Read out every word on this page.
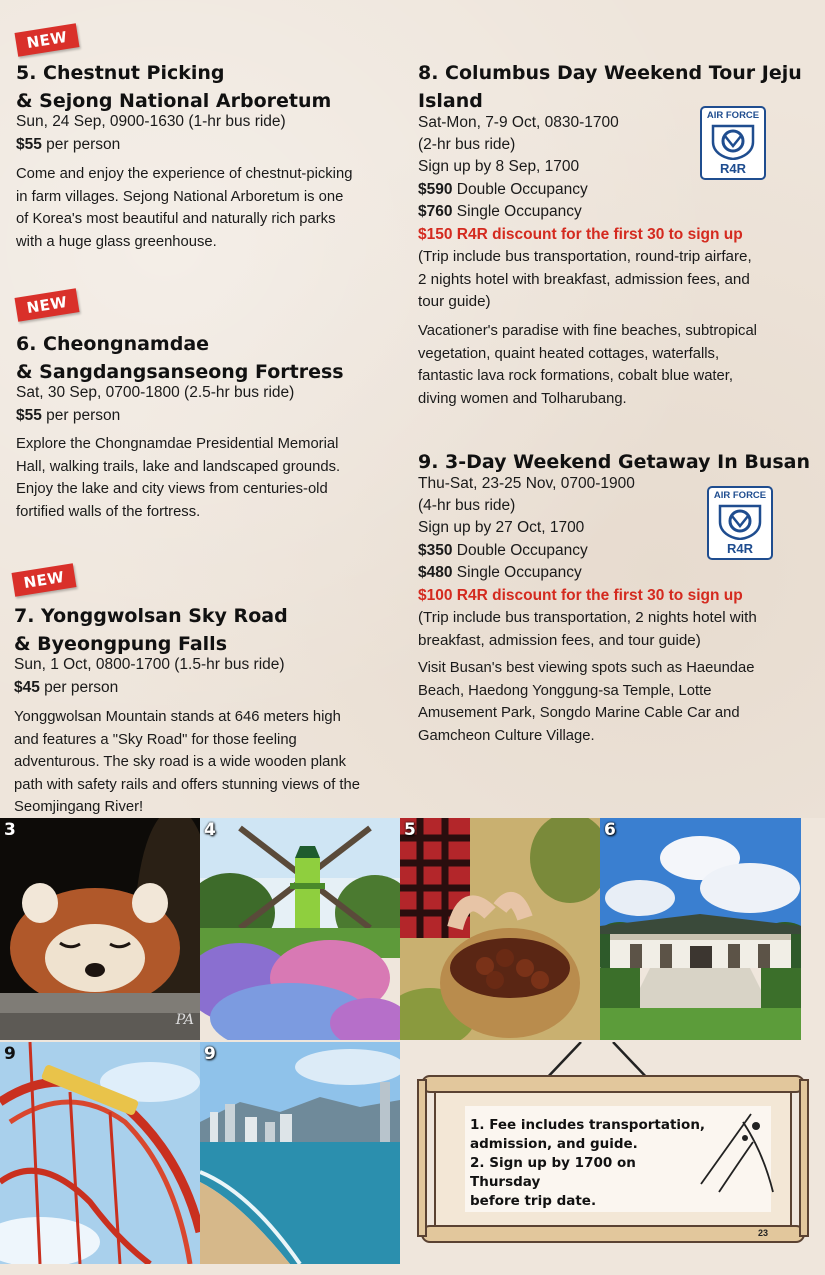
NEW
5. Chestnut Picking
& Sejong National Arboretum
Sun, 24 Sep, 0900-1630 (1-hr bus ride)
$55 per person
Come and enjoy the experience of chestnut-picking in farm villages. Sejong National Arboretum is one of Korea's most beautiful and naturally rich parks with a huge glass greenhouse.
NEW
6. Cheongnamdae
& Sangdangsanseong Fortress
Sat, 30 Sep, 0700-1800 (2.5-hr bus ride)
$55 per person
Explore the Chongnamdae Presidential Memorial Hall, walking trails, lake and landscaped grounds. Enjoy the lake and city views from centuries-old fortified walls of the fortress.
NEW
7. Yonggwolsan Sky Road
& Byeongpung Falls
Sun, 1 Oct, 0800-1700 (1.5-hr bus ride)
$45 per person
Yonggwolsan Mountain stands at 646 meters high and features a "Sky Road" for those feeling adventurous. The sky road is a wide wooden plank path with safety rails and offers stunning views of the Seomjingang River!
8. Columbus Day Weekend Tour Jeju
Island
Sat-Mon, 7-9 Oct, 0830-1700
(2-hr bus ride)
Sign up by 8 Sep, 1700
$590 Double Occupancy
$760 Single Occupancy
$150 R4R discount for the first 30 to sign up
(Trip include bus transportation, round-trip airfare, 2 nights hotel with breakfast, admission fees, and tour guide)
Vacationer's paradise with fine beaches, subtropical vegetation, quaint heated cottages, waterfalls, fantastic lava rock formations, cobalt blue water, diving women and Tolharubang.
AIR FORCE
R4R
9. 3-Day Weekend Getaway In Busan
Thu-Sat, 23-25 Nov, 0700-1900
(4-hr bus ride)
Sign up by 27 Oct, 1700
$350 Double Occupancy
$480 Single Occupancy
$100 R4R discount for the first 30 to sign up
(Trip include bus transportation, 2 nights hotel with breakfast, admission fees, and tour guide)
Visit Busan's best viewing spots such as Haeundae Beach, Haedong Yonggung-sa Temple, Lotte Amusement Park, Songdo Marine Cable Car and Gamcheon Culture Village.
AIR FORCE
R4R
3
PA
4	5	6
9	9
1. Fee includes transportation,
admission, and guide.
2. Sign up by 1700 on Thursday
before trip date.
23
